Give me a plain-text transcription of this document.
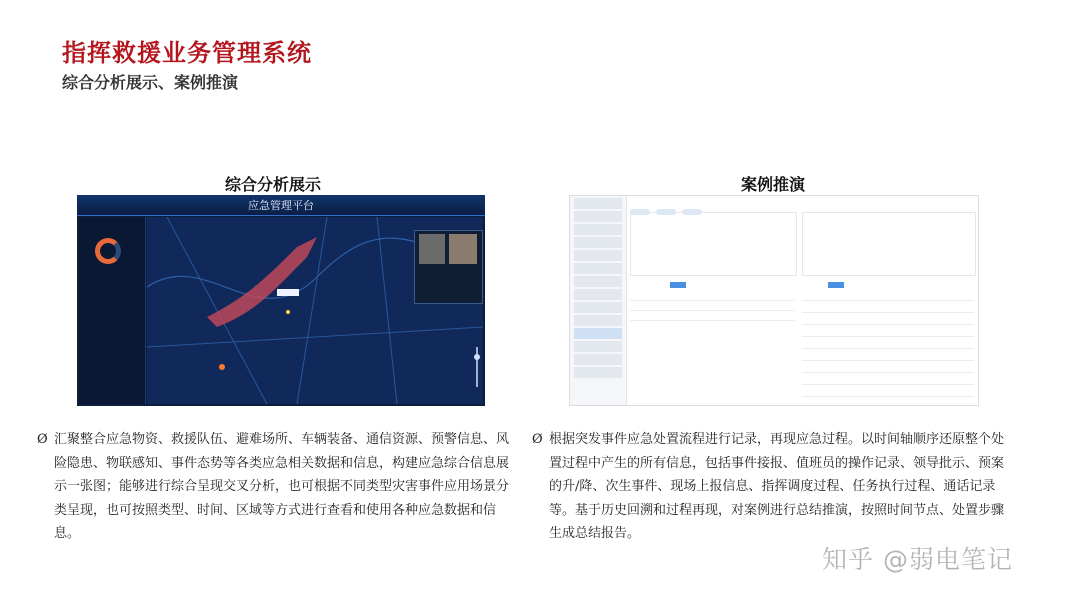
指挥救援业务管理系统
综合分析展示、案例推演
综合分析展示
应急管理平台
案例推演
Ø 汇聚整合应急物资、救援队伍、避难场所、车辆装备、通信资源、预警信息、风险隐患、物联感知、事件态势等各类应急相关数据和信息，构建应急综合信息展示一张图；能够进行综合呈现交叉分析，也可根据不同类型灾害事件应用场景分类呈现，也可按照类型、时间、区域等方式进行查看和使用各种应急数据和信息。
Ø 根据突发事件应急处置流程进行记录，再现应急过程。以时间轴顺序还原整个处置过程中产生的所有信息，包括事件接报、值班员的操作记录、领导批示、预案的升/降、次生事件、现场上报信息、指挥调度过程、任务执行过程、通话记录等。基于历史回溯和过程再现，对案例进行总结推演，按照时间节点、处置步骤生成总结报告。
知乎 @弱电笔记
